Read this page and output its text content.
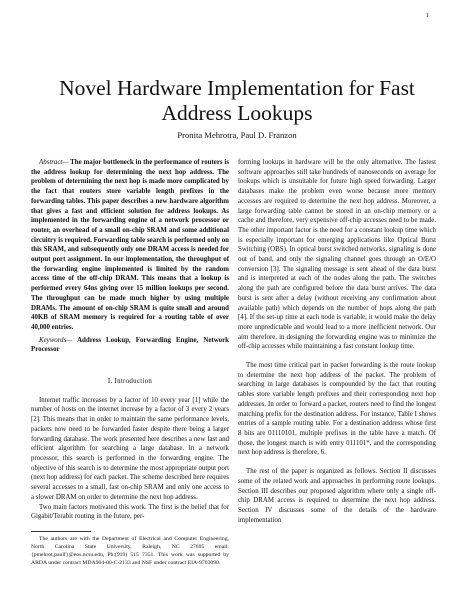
1
Novel Hardware Implementation for Fast Address Lookups
Pronita Mehrotra, Paul D. Franzon

Abstract— The major bottleneck in the performance of routers is the address lookup for determining the next hop address. The problem of determining the next hop is made more complicated by the fact that routers store variable length prefixes in the forwarding tables. This paper describes a new hardware algorithm that gives a fast and efficient solution for address lookups. As implemented in the forwarding engine of a network processor or router, an overhead of a small on-chip SRAM and some additional circuitry is required. Forwarding table search is performed only on this SRAM, and subsequently only one DRAM access is needed for output port assignment. In our implementation, the throughput of the forwarding engine implemented is limited by the random access time of the off-chip DRAM. This means that a lookup is performed every 64ns giving over 15 million lookups per second. The throughput can be made much higher by using multiple DRAMs. The amount of on-chip SRAM is quite small and around 40KB of SRAM memory is required for a routing table of over 40,000 entries.

Keywords— Address Lookup, Forwarding Engine, Network Processor

I. Introduction

Internet traffic increases by a factor of 10 every year [1] while the number of hosts on the internet increase by a factor of 3 every 2 years [2]. This means that in order to maintain the same performance levels, packets now need to be forwarded faster despite there being a larger forwarding database. The work presented here describes a new fast and efficient algorithm for searching a large database. In a network processor, this search is performed in the forwarding engine. The objective of this search is to determine the most appropriate output port (next hop address) for each packet. The scheme described here requires several accesses to a small, fast on-chip SRAM and only one access to a slower DRAM on order to determine the next hop address.

Two main factors motivated this work. The first is the belief that for Gigabit/Terabit routing in the future, per-

The authors are with the Department of Electrical and Computer Engineering, North Carolina State University, Raleigh, NC 27695 email:{pmehrot,paulf}@eos.ncsu.edu, Ph:(919) 515 7351. This work was supported by ARDA under contract MDA904-00-C-2133 and NSF under contract EIA-9703090.

forming lookups in hardware will be the only alternative. The fastest software approaches still take hundreds of nanoseconds on average for lookups which is unsuitable for future high speed forwarding. Larger databases make the problem even worse because more memory accesses are required to determine the next hop address. Moreover, a large forwarding table cannot be stored in an on-chip memory or a cache and therefore, very expensive off-chip accesses need to be made. The other important factor is the need for a constant lookup time which is especially important for emerging applications like Optical Burst Switching (OBS). In optical burst switched networks, signaling is done out of band, and only the signaling channel goes through an O/E/O conversion [3]. The signaling message is sent ahead of the data burst and is interpreted at each of the nodes along the path. The switches along the path are configured before the data burst arrives. The data burst is sent after a delay (without receiving any confirmation about available path) which depends on the number of hops along the path [4]. If the set-up time at each node is variable, it would make the delay more unpredictable and would lead to a more inefficient network. Our aim therefore, in designing the forwarding engine was to minimize the off-chip accesses while maintaining a fast constant lookup time.

The most time critical part in packet forwarding is the route lookup to determine the next hop address of the packet. The problem of searching in large databases is compounded by the fact that routing tables store variable length prefixes and their corresponding next hop addresses. In order to forward a packet, routers need to find the longest matching prefix for the destination address. For instance, Table I shows entries of a sample routing table. For a destination address whose first 8 bits are 01110101, multiple prefixes in the table have a match. Of those, the longest match is with entry 011101*, and the corresponding next hop address is therefore, 6.

The rest of the paper is organized as follows. Section II discusses some of the related work and approaches in performing route lookups. Section III describes our proposed algorithm where only a single off-chip DRAM access is required to determine the next hop address. Section IV discusses some of the details of the hardware implementation
